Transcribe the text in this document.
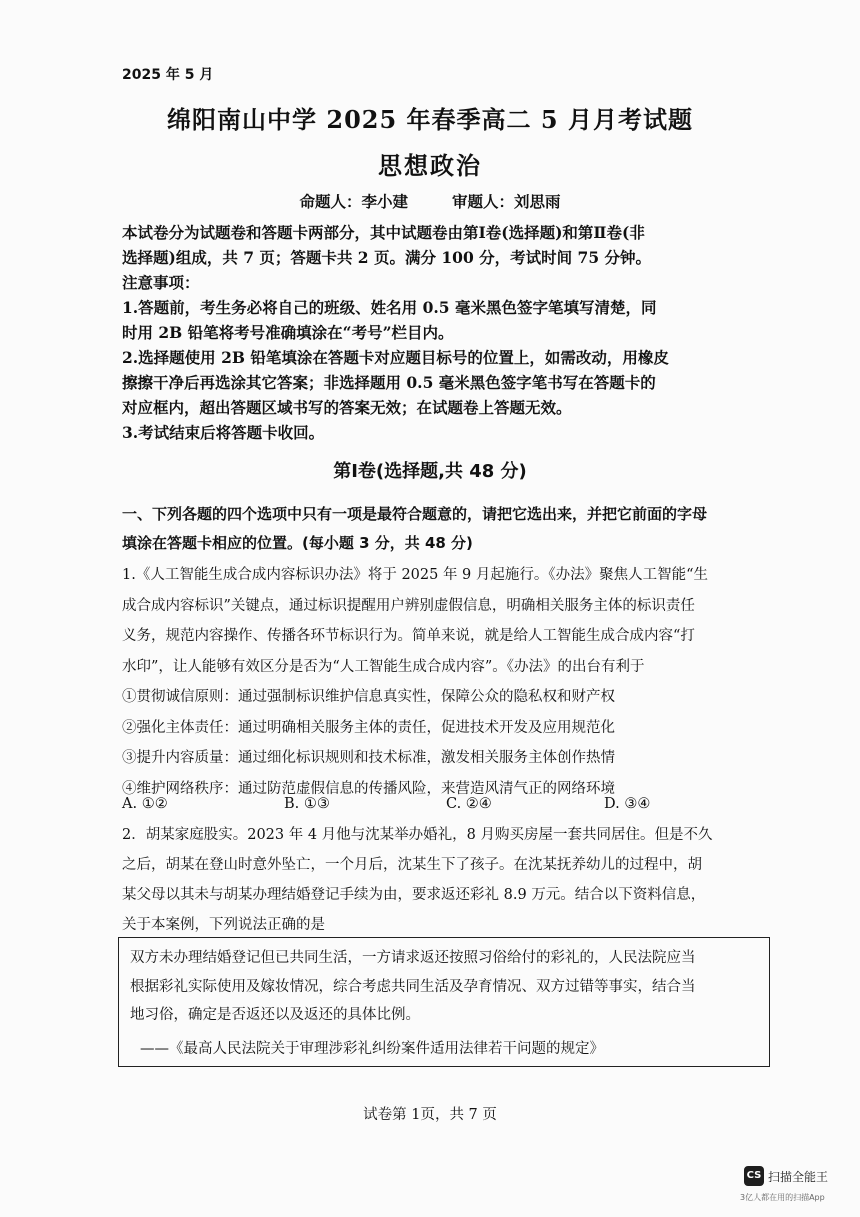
2025 年 5 月
绵阳南山中学 2025 年春季高二 5 月月考试题
思想政治
命题人：李小建	审题人：刘思雨
本试卷分为试题卷和答题卡两部分，其中试题卷由第Ⅰ卷(选择题)和第Ⅱ卷(非
选择题)组成，共 7 页；答题卡共 2 页。满分 100 分，考试时间 75 分钟。
注意事项：
1.答题前，考生务必将自己的班级、姓名用 0.5 毫米黑色签字笔填写清楚，同
时用 2B 铅笔将考号准确填涂在“考号”栏目内。
2.选择题使用 2B 铅笔填涂在答题卡对应题目标号的位置上，如需改动，用橡皮
擦擦干净后再选涂其它答案；非选择题用 0.5 毫米黑色签字笔书写在答题卡的
对应框内，超出答题区域书写的答案无效；在试题卷上答题无效。
3.考试结束后将答题卡收回。
第Ⅰ卷(选择题,共 48 分)
一、下列各题的四个选项中只有一项是最符合题意的，请把它选出来，并把它前面的字母
填涂在答题卡相应的位置。(每小题 3 分，共 48 分)
1.《人工智能生成合成内容标识办法》将于 2025 年 9 月起施行。《办法》聚焦人工智能“生
成合成内容标识”关键点，通过标识提醒用户辨别虚假信息，明确相关服务主体的标识责任
义务，规范内容操作、传播各环节标识行为。简单来说，就是给人工智能生成合成内容“打
水印”，让人能够有效区分是否为“人工智能生成合成内容”。《办法》的出台有利于
①贯彻诚信原则：通过强制标识维护信息真实性，保障公众的隐私权和财产权
②强化主体责任：通过明确相关服务主体的责任，促进技术开发及应用规范化
③提升内容质量：通过细化标识规则和技术标准，激发相关服务主体创作热情
④维护网络秩序：通过防范虚假信息的传播风险，来营造风清气正的网络环境
A. ①②	B. ①③	C. ②④	D. ③④
2．胡某家庭股实。2023 年 4 月他与沈某举办婚礼，8 月购买房屋一套共同居住。但是不久
之后，胡某在登山时意外坠亡，一个月后，沈某生下了孩子。在沈某抚养幼儿的过程中，胡
某父母以其未与胡某办理结婚登记手续为由，要求返还彩礼 8.9 万元。结合以下资料信息，
关于本案例，下列说法正确的是
双方未办理结婚登记但已共同生活，一方请求返还按照习俗给付的彩礼的，人民法院应当
根据彩礼实际使用及嫁妆情况，综合考虑共同生活及孕育情况、双方过错等事实，结合当
地习俗，确定是否返还以及返还的具体比例。
——《最高人民法院关于审理涉彩礼纠纷案件适用法律若干问题的规定》
试卷第 1页，共 7 页
CS 扫描全能王
3亿人都在用的扫描App
